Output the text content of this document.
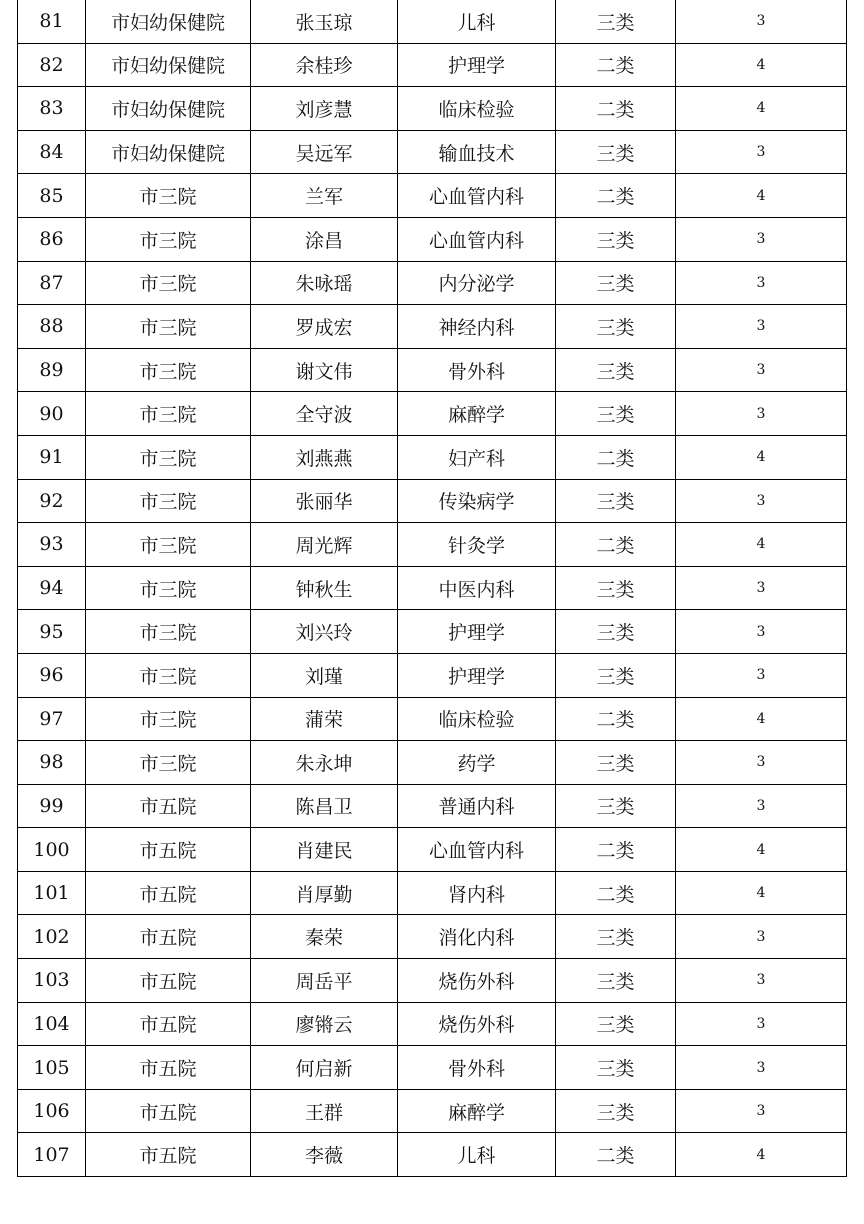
81	市妇幼保健院	张玉琼	儿科	三类	3
82	市妇幼保健院	余桂珍	护理学	二类	4
83	市妇幼保健院	刘彦慧	临床检验	二类	4
84	市妇幼保健院	吴远军	输血技术	三类	3
85	市三院	兰军	心血管内科	二类	4
86	市三院	涂昌	心血管内科	三类	3
87	市三院	朱咏瑶	内分泌学	三类	3
88	市三院	罗成宏	神经内科	三类	3
89	市三院	谢文伟	骨外科	三类	3
90	市三院	全守波	麻醉学	三类	3
91	市三院	刘燕燕	妇产科	二类	4
92	市三院	张丽华	传染病学	三类	3
93	市三院	周光辉	针灸学	二类	4
94	市三院	钟秋生	中医内科	三类	3
95	市三院	刘兴玲	护理学	三类	3
96	市三院	刘瑾	护理学	三类	3
97	市三院	蒲荣	临床检验	二类	4
98	市三院	朱永坤	药学	三类	3
99	市五院	陈昌卫	普通内科	三类	3
100	市五院	肖建民	心血管内科	二类	4
101	市五院	肖厚勤	肾内科	二类	4
102	市五院	秦荣	消化内科	三类	3
103	市五院	周岳平	烧伤外科	三类	3
104	市五院	廖锵云	烧伤外科	三类	3
105	市五院	何启新	骨外科	三类	3
106	市五院	王群	麻醉学	三类	3
107	市五院	李薇	儿科	二类	4
